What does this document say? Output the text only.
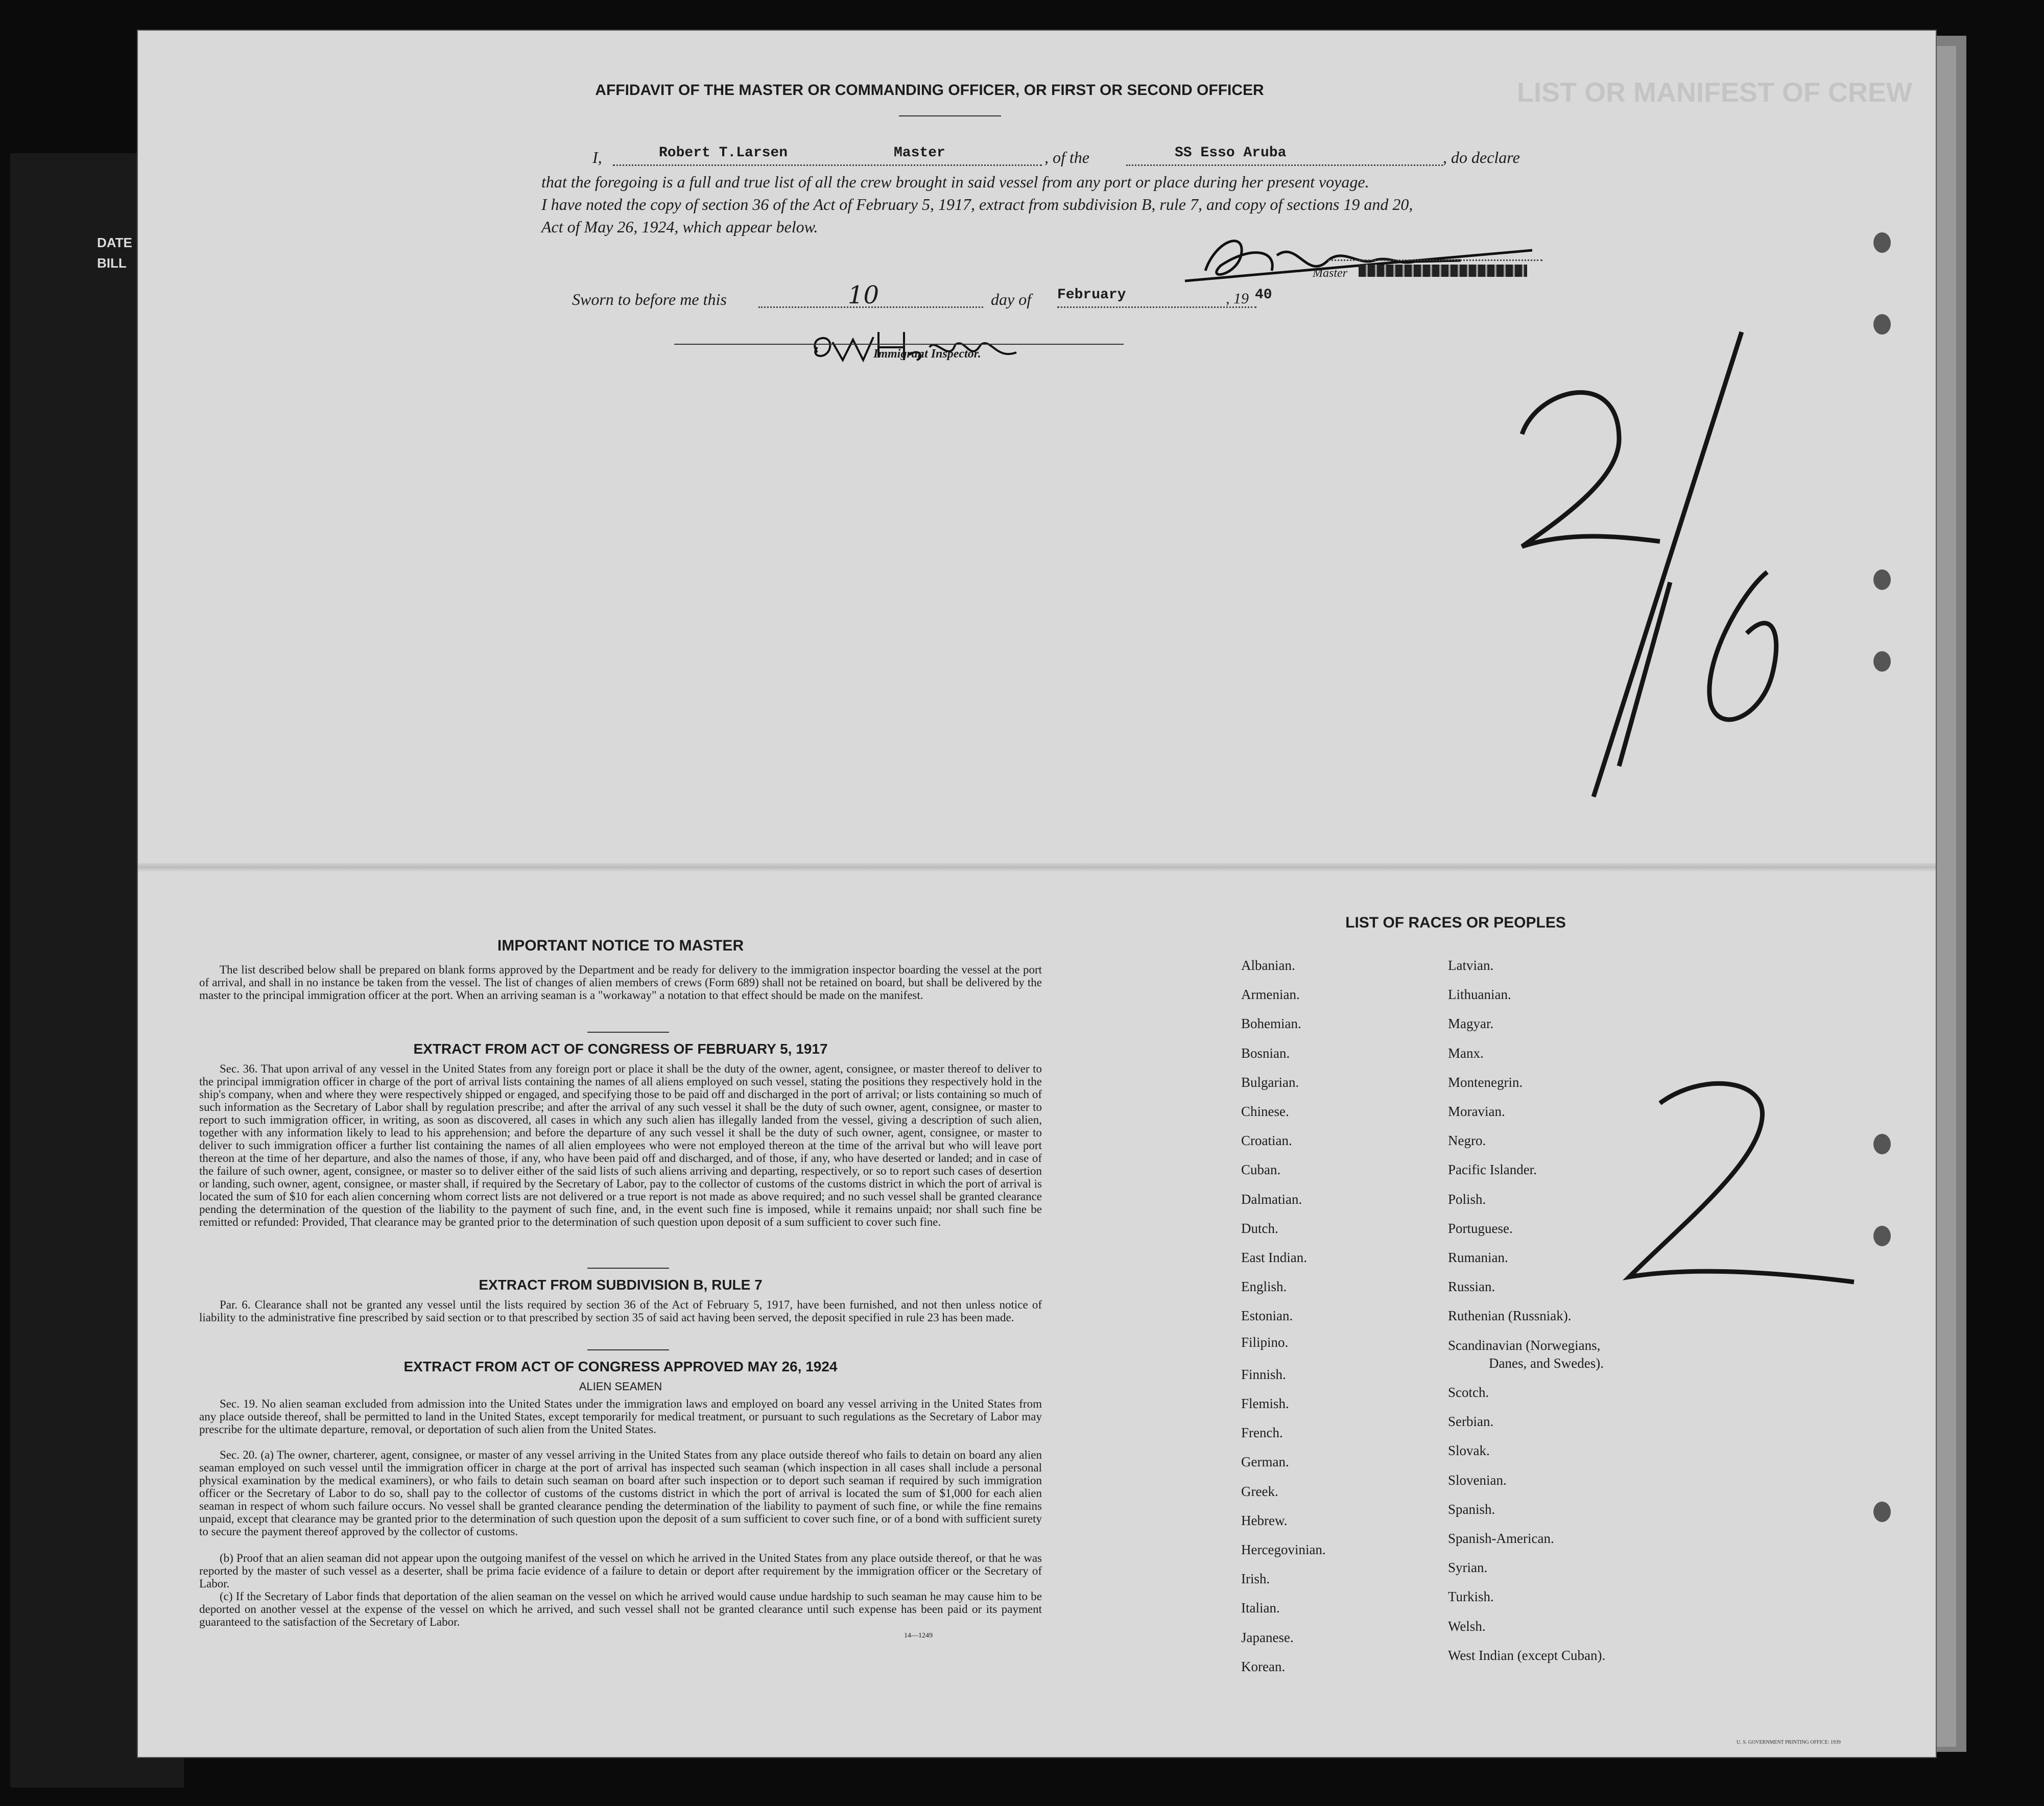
LIST OR MANIFEST OF CREW
DATE
BILL
AFFIDAVIT OF THE MASTER OR COMMANDING OFFICER, OR FIRST OR SECOND OFFICER
I,	Robert T.Larsen	Master	, of the	SS Esso Aruba	, do declare
that the foregoing is a full and true list of all the crew brought in said vessel from any port or place during her present voyage.
I have noted the copy of section 36 of the Act of February 5, 1917, extract from subdivision B, rule 7, and copy of sections 19 and 20,
Act of May 26, 1924, which appear below.
Master
Sworn to before me this	10	day of February	, 19 40
Immigrant Inspector.
IMPORTANT NOTICE TO MASTER
The list described below shall be prepared on blank forms approved by the Department and be ready for delivery to the immigration inspector boarding the vessel at the port of arrival, and shall in no instance be taken from the vessel. The list of changes of alien members of crews (Form 689) shall not be retained on board, but shall be delivered by the master to the principal immigration officer at the port. When an arriving seaman is a "workaway" a notation to that effect should be made on the manifest.
EXTRACT FROM ACT OF CONGRESS OF FEBRUARY 5, 1917
Sec. 36. That upon arrival of any vessel in the United States from any foreign port or place it shall be the duty of the owner, agent, consignee, or master thereof to deliver to the principal immigration officer in charge of the port of arrival lists containing the names of all aliens employed on such vessel, stating the positions they respectively hold in the ship's company, when and where they were respectively shipped or engaged, and specifying those to be paid off and discharged in the port of arrival; or lists containing so much of such information as the Secretary of Labor shall by regulation prescribe; and after the arrival of any such vessel it shall be the duty of such owner, agent, consignee, or master to report to such immigration officer, in writing, as soon as discovered, all cases in which any such alien has illegally landed from the vessel, giving a description of such alien, together with any information likely to lead to his apprehension; and before the departure of any such vessel it shall be the duty of such owner, agent, consignee, or master to deliver to such immigration officer a further list containing the names of all alien employees who were not employed thereon at the time of the arrival but who will leave port thereon at the time of her departure, and also the names of those, if any, who have been paid off and discharged, and of those, if any, who have deserted or landed; and in case of the failure of such owner, agent, consignee, or master so to deliver either of the said lists of such aliens arriving and departing, respectively, or so to report such cases of desertion or landing, such owner, agent, consignee, or master shall, if required by the Secretary of Labor, pay to the collector of customs of the customs district in which the port of arrival is located the sum of $10 for each alien concerning whom correct lists are not delivered or a true report is not made as above required; and no such vessel shall be granted clearance pending the determination of the question of the liability to the payment of such fine, and, in the event such fine is imposed, while it remains unpaid; nor shall such fine be remitted or refunded: Provided, That clearance may be granted prior to the determination of such question upon deposit of a sum sufficient to cover such fine.
EXTRACT FROM SUBDIVISION B, RULE 7
Par. 6. Clearance shall not be granted any vessel until the lists required by section 36 of the Act of February 5, 1917, have been furnished, and not then unless notice of liability to the administrative fine prescribed by said section or to that prescribed by section 35 of said act having been served, the deposit specified in rule 23 has been made.
EXTRACT FROM ACT OF CONGRESS APPROVED MAY 26, 1924
ALIEN SEAMEN
Sec. 19. No alien seaman excluded from admission into the United States under the immigration laws and employed on board any vessel arriving in the United States from any place outside thereof, shall be permitted to land in the United States, except temporarily for medical treatment, or pursuant to such regulations as the Secretary of Labor may prescribe for the ultimate departure, removal, or deportation of such alien from the United States.
Sec. 20. (a) The owner, charterer, agent, consignee, or master of any vessel arriving in the United States from any place outside thereof who fails to detain on board any alien seaman employed on such vessel until the immigration officer in charge at the port of arrival has inspected such seaman (which inspection in all cases shall include a personal physical examination by the medical examiners), or who fails to detain such seaman on board after such inspection or to deport such seaman if required by such immigration officer or the Secretary of Labor to do so, shall pay to the collector of customs of the customs district in which the port of arrival is located the sum of $1,000 for each alien seaman in respect of whom such failure occurs. No vessel shall be granted clearance pending the determination of the liability to payment of such fine, or while the fine remains unpaid, except that clearance may be granted prior to the determination of such question upon the deposit of a sum sufficient to cover such fine, or of a bond with sufficient surety to secure the payment thereof approved by the collector of customs.
(b) Proof that an alien seaman did not appear upon the outgoing manifest of the vessel on which he arrived in the United States from any place outside thereof, or that he was reported by the master of such vessel as a deserter, shall be prima facie evidence of a failure to detain or deport after requirement by the immigration officer or the Secretary of Labor.
(c) If the Secretary of Labor finds that deportation of the alien seaman on the vessel on which he arrived would cause undue hardship to such seaman he may cause him to be deported on another vessel at the expense of the vessel on which he arrived, and such vessel shall not be granted clearance until such expense has been paid or its payment guaranteed to the satisfaction of the Secretary of Labor.
14—1249
LIST OF RACES OR PEOPLES
U. S. GOVERNMENT PRINTING OFFICE: 1939
Albanian.
Armenian.
Bohemian.
Bosnian.
Bulgarian.
Chinese.
Croatian.
Cuban.
Dalmatian.
Dutch.
East Indian.
English.
Estonian.
Filipino.
Finnish.
Flemish.
French.
German.
Greek.
Hebrew.
Hercegovinian.
Irish.
Italian.
Japanese.
Korean.
Latvian.
Lithuanian.
Magyar.
Manx.
Montenegrin.
Moravian.
Negro.
Pacific Islander.
Polish.
Portuguese.
Rumanian.
Russian.
Ruthenian (Russniak).
Scandinavian (Norwegians,
Danes, and Swedes).
Scotch.
Serbian.
Slovak.
Slovenian.
Spanish.
Spanish-American.
Syrian.
Turkish.
Welsh.
West Indian (except Cuban).
